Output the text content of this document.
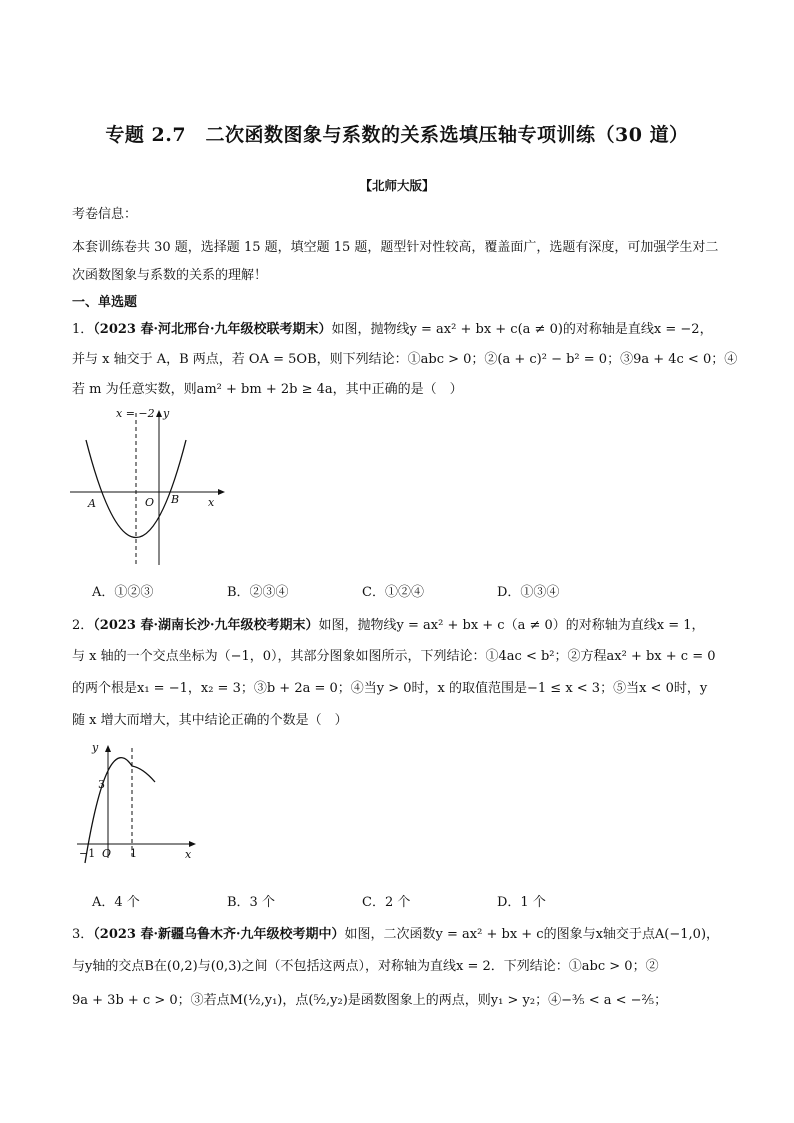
专题 2.7　二次函数图象与系数的关系选填压轴专项训练（30 道）
【北师大版】
考卷信息：
本套训练卷共 30 题，选择题 15 题，填空题 15 题，题型针对性较高，覆盖面广，选题有深度，可加强学生对二
次函数图象与系数的关系的理解！
一、单选题
1．（2023 春·河北邢台·九年级校联考期末）如图，抛物线y = ax² + bx + c(a ≠ 0)的对称轴是直线x = −2，
并与 x 轴交于 A，B 两点，若 OA = 5OB，则下列结论：①abc > 0；②(a + c)² − b² = 0；③9a + 4c < 0；④
若 m 为任意实数，则am² + bm + 2b ≥ 4a，其中正确的是（　）
x = −2 y
x
O
A	B
A．①②③	B．②③④	C．①②④	D．①③④
2．（2023 春·湖南长沙·九年级校考期末）如图，抛物线y = ax² + bx + c（a ≠ 0）的对称轴为直线x = 1，
与 x 轴的一个交点坐标为（−1，0），其部分图象如图所示，下列结论：①4ac < b²；②方程ax² + bx + c = 0
的两个根是x₁ = −1，x₂ = 3；③b + 2a = 0；④当y > 0时，x 的取值范围是−1 ≤ x < 3；⑤当x < 0时，y
随 x 增大而增大，其中结论正确的个数是（　）
y
x
3
−1 O 1
A．4 个	B．3 个	C．2 个	D．1 个
3．（2023 春·新疆乌鲁木齐·九年级校考期中）如图，二次函数y = ax² + bx + c的图象与x轴交于点A(−1,0)，
与y轴的交点B在(0,2)与(0,3)之间（不包括这两点），对称轴为直线x = 2．下列结论：①abc > 0；②
9a + 3b + c > 0；③若点M(½,y₁)，点(⁵⁄₂,y₂)是函数图象上的两点，则y₁ > y₂；④−³⁄₅ < a < −²⁄₅；
